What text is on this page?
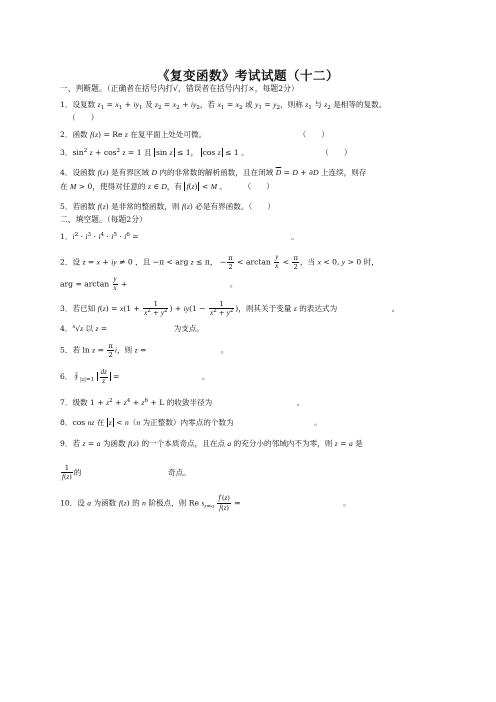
《复变函数》考试试题（十二）
一、判断题。（正确者在括号内打√，错误者在括号内打×，每题2分）
1．设复数 $z_1 = x_1 + iy_1$ 及 $z_2 = x_2 + iy_2$，若 $x_1 = x_2$ 或 $y_1 = y_2$，则称 $z_1$ 与 $z_2$ 是相等的复数。
（　　）
2．函数 f(z) = Re z 在复平面上处处可微。	（　　）
3．$\sin^2 z + \cos^2 z = 1$ 且 sin z ≤ 1， cos z ≤ 1 。	（　　）
4．设函数 f(z) 是有界区域 D 内的非常数的解析函数，且在闭域 $\overline{D} = D + \partial D$ 上连续，则存
在 M > 0，使得对任意的 z ∈ D，有 f(z) < M 。 （　　）
5．若函数 f(z) 是非常的整函数，则 f(z) 必是有界函数。（　　）
二、填空题。（每题2分）
1．$i^2 \cdot i^3 \cdot i^4 \cdot i^5 \cdot i^6$ =	。
2．设 z = x + iy ≠ 0 ，且 −π < arg z ≤ π， − $\frac{\pi}{2} < \arctan \frac{y}{x} < \frac{\pi}{2}$ ，当 x < 0, y > 0 时，
arg = $\arctan \frac{y}{x}$ +	。
3．若已知 $f(z) = x(1 + \frac{1}{x^2 + y^2}$ ) + $iy(1 - \frac{1}{x^2 + y^2}$ )，则其关于变量 z 的表达式为	。
4．$^n$√z 以 z =	为支点。
5．若 $\ln z = \frac{\pi}{2}$ i，则 z =	。
6．$∮_{|z|=1} \frac{dz}{z}$ =	。
7．级数 $1 + z^2 + z^4 + z^6 + L$ 的收敛半径为	。
8．cos nz 在 z < n（n 为正整数）内零点的个数为	。
9．若 z = a 为函数 f(z) 的一个本质奇点，且在点 a 的充分小的邻域内不为零，则 z = a 是
$\frac{1}{f(z)}$ 的	奇点。
10．设 a 为函数 f(z) 的 n 阶极点，则 Re $s_{z=a} \frac{f'(z)}{f(z)}$ =	。
